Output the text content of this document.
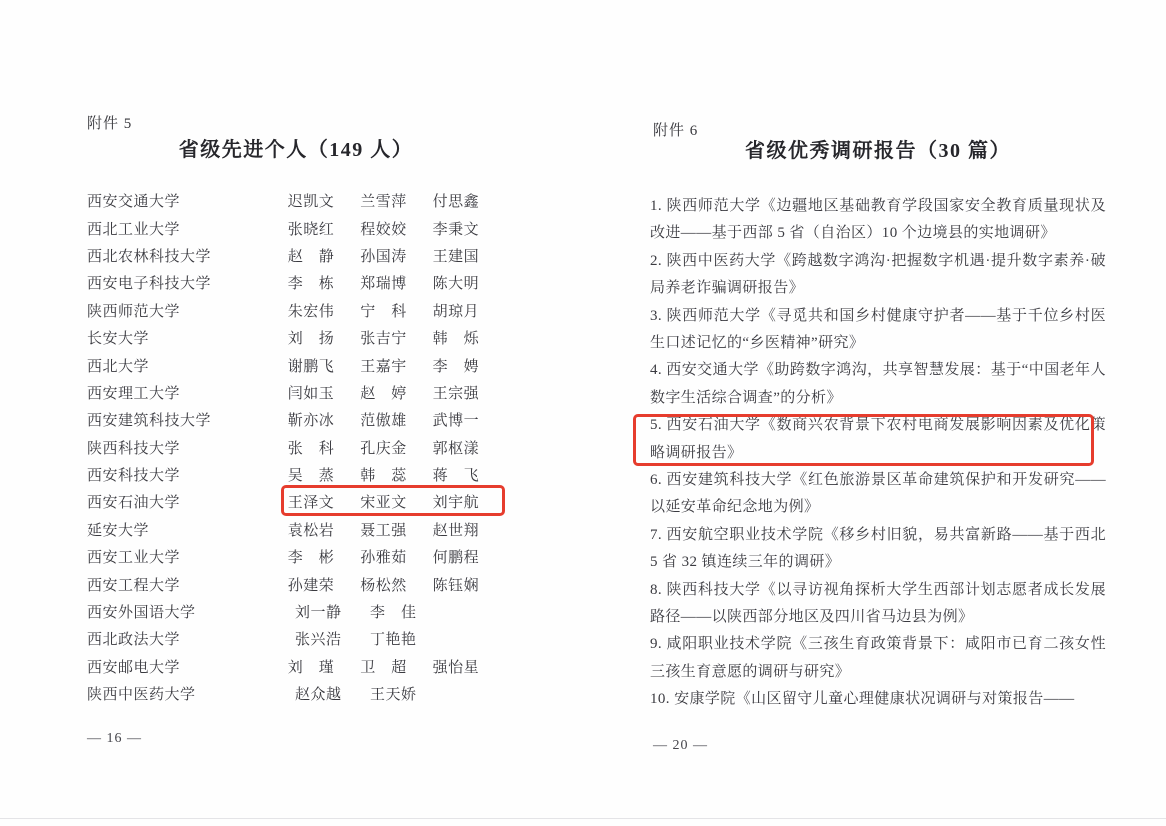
附件 5
省级先进个人（149 人）
西安交通大学	迟凯文	兰雪萍	付思鑫
西北工业大学	张晓红	程姣姣	李秉文
西北农林科技大学	赵　静	孙国涛	王建国
西安电子科技大学	李　栋	郑瑞博	陈大明
陕西师范大学	朱宏伟	宁　科	胡琼月
长安大学	刘　扬	张吉宁	韩　烁
西北大学	谢鹏飞	王嘉宇	李　娉
西安理工大学	闫如玉	赵　婷	王宗强
西安建筑科技大学	靳亦冰	范傲雄	武博一
陕西科技大学	张　科	孔庆金	郭枢漾
西安科技大学	吴　蒸	韩　蕊	蒋　飞
西安石油大学	王泽文	宋亚文	刘宇航
延安大学	袁松岩	聂工强	赵世翔
西安工业大学	李　彬	孙雅茹	何鹏程
西安工程大学	孙建荣	杨松然	陈钰娴
西安外国语大学	刘一静	李　佳
西北政法大学	张兴浩	丁艳艳
西安邮电大学	刘　瑾	卫　超	强怡星
陕西中医药大学	赵众越	王天娇
— 16 —
附件 6
省级优秀调研报告（30 篇）

1. 陕西师范大学《边疆地区基础教育学段国家安全教育质量现状及改进——基于西部 5 省（自治区）10 个边境县的实地调研》

2. 陕西中医药大学《跨越数字鸿沟·把握数字机遇·提升数字素养·破局养老诈骗调研报告》

3. 陕西师范大学《寻觅共和国乡村健康守护者——基于千位乡村医生口述记忆的“乡医精神”研究》

4. 西安交通大学《助跨数字鸿沟，共享智慧发展：基于“中国老年人数字生活综合调查”的分析》

5. 西安石油大学《数商兴农背景下农村电商发展影响因素及优化策略调研报告》

6. 西安建筑科技大学《红色旅游景区革命建筑保护和开发研究——以延安革命纪念地为例》

7. 西安航空职业技术学院《移乡村旧貌，易共富新路——基于西北 5 省 32 镇连续三年的调研》

8. 陕西科技大学《以寻访视角探析大学生西部计划志愿者成长发展路径——以陕西部分地区及四川省马边县为例》

9. 咸阳职业技术学院《三孩生育政策背景下：咸阳市已育二孩女性三孩生育意愿的调研与研究》

10. 安康学院《山区留守儿童心理健康状况调研与对策报告——

— 20 —
